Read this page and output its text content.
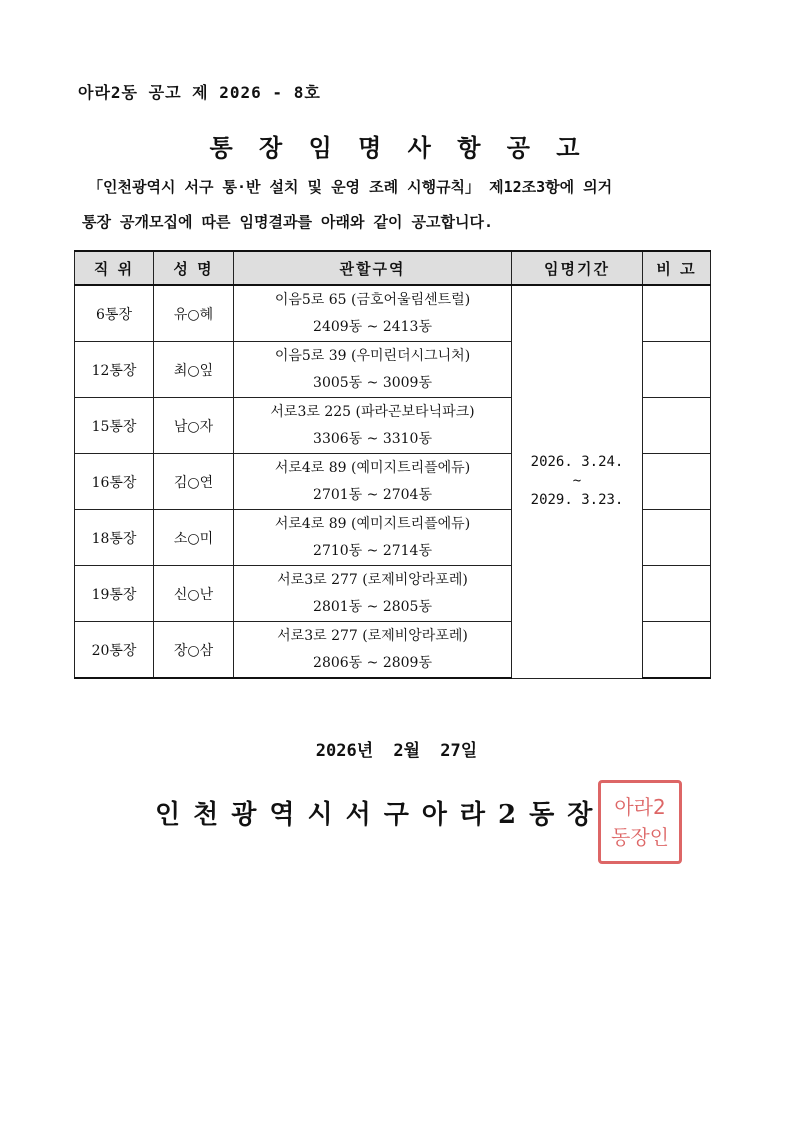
아라2동 공고 제 2026 - 8호
통 장 임 명 사 항 공 고
「인천광역시 서구 통·반 설치 및 운영 조례 시행규칙」 제12조3항에 의거
통장 공개모집에 따른 임명결과를 아래와 같이 공고합니다.
직 위	성 명	관할구역	임명기간	비 고
6통장	유○혜	이음5로 65 (금호어울림센트럴)
2409동 ~ 2413동	2026. 3.24.
~
2029. 3.23.	

12통장	최○잎	이음5로 39 (우미린더시그니처)
3005동 ~ 3009동		

15통장	남○자	서로3로 225 (파라곤보타닉파크)
3306동 ~ 3310동		

16통장	김○연	서로4로 89 (예미지트리플에듀)
2701동 ~ 2704동		

18통장	소○미	서로4로 89 (예미지트리플에듀)
2710동 ~ 2714동		

19통장	신○난	서로3로 277 (로제비앙라포레)
2801동 ~ 2805동		

20통장	장○삼	서로3로 277 (로제비앙라포레)
2806동 ~ 2809동		

2026년 2월 27일
인천광역시서구아라2동장 아라2
동장인
